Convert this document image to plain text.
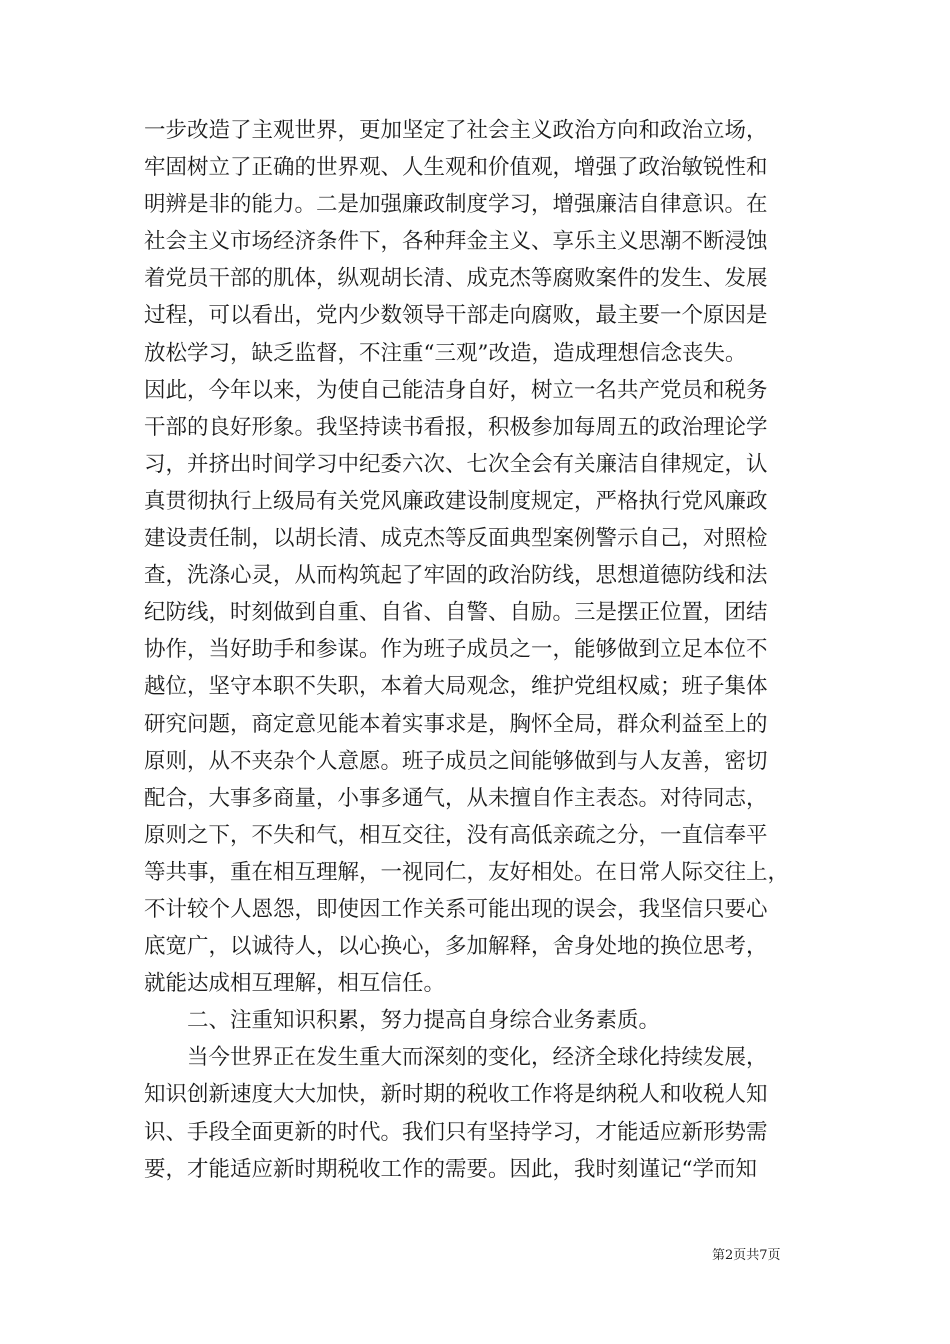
一步改造了主观世界，更加坚定了社会主义政治方向和政治立场，
牢固树立了正确的世界观、人生观和价值观，增强了政治敏锐性和
明辨是非的能力。二是加强廉政制度学习，增强廉洁自律意识。在
社会主义市场经济条件下，各种拜金主义、享乐主义思潮不断浸蚀
着党员干部的肌体，纵观胡长清、成克杰等腐败案件的发生、发展
过程，可以看出，党内少数领导干部走向腐败，最主要一个原因是
放松学习，缺乏监督，不注重“三观”改造，造成理想信念丧失。
因此，今年以来，为使自己能洁身自好，树立一名共产党员和税务
干部的良好形象。我坚持读书看报，积极参加每周五的政治理论学
习，并挤出时间学习中纪委六次、七次全会有关廉洁自律规定，认
真贯彻执行上级局有关党风廉政建设制度规定，严格执行党风廉政
建设责任制，以胡长清、成克杰等反面典型案例警示自己，对照检
查，洗涤心灵，从而构筑起了牢固的政治防线，思想道德防线和法
纪防线，时刻做到自重、自省、自警、自励。三是摆正位置，团结
协作，当好助手和参谋。作为班子成员之一，能够做到立足本位不
越位，坚守本职不失职，本着大局观念，维护党组权威；班子集体
研究问题，商定意见能本着实事求是，胸怀全局，群众利益至上的
原则，从不夹杂个人意愿。班子成员之间能够做到与人友善，密切
配合，大事多商量，小事多通气，从未擅自作主表态。对待同志，
原则之下，不失和气，相互交往，没有高低亲疏之分，一直信奉平
等共事，重在相互理解，一视同仁，友好相处。在日常人际交往上，
不计较个人恩怨，即使因工作关系可能出现的误会，我坚信只要心
底宽广，以诚待人，以心换心，多加解释，舍身处地的换位思考，
就能达成相互理解，相互信任。
二、注重知识积累，努力提高自身综合业务素质。
当今世界正在发生重大而深刻的变化，经济全球化持续发展，
知识创新速度大大加快，新时期的税收工作将是纳税人和收税人知
识、手段全面更新的时代。我们只有坚持学习，才能适应新形势需
要，才能适应新时期税收工作的需要。因此，我时刻谨记“学而知
第2页共7页
